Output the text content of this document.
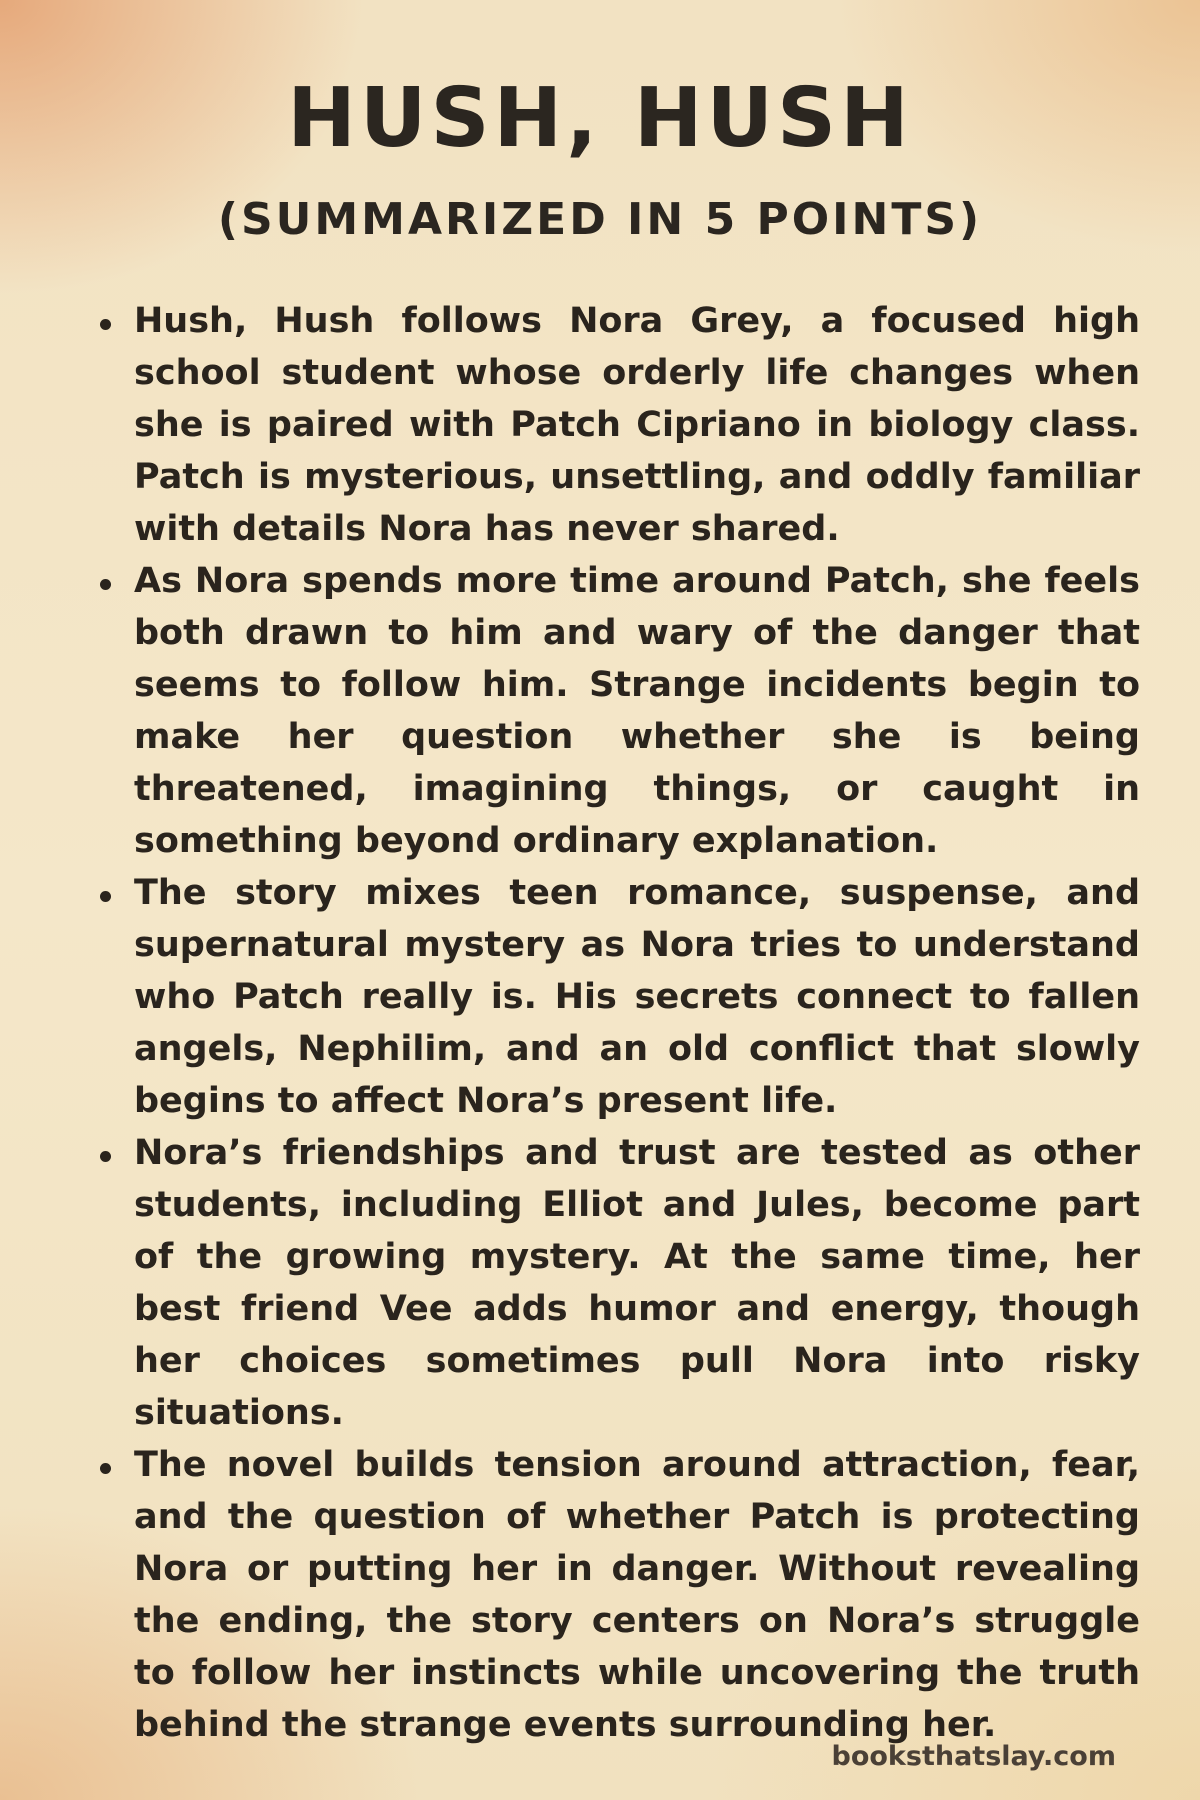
HUSH, HUSH
(SUMMARIZED IN 5 POINTS)
Hush, Hush follows Nora Grey, a focused high school student whose orderly life changes when she is paired with Patch Cipriano in biology class. Patch is mysterious, unsettling, and oddly familiar with details Nora has never shared.
As Nora spends more time around Patch, she feels both drawn to him and wary of the danger that seems to follow him. Strange incidents begin to make her question whether she is being threatened, imagining things, or caught in something beyond ordinary explanation.
The story mixes teen romance, suspense, and supernatural mystery as Nora tries to understand who Patch really is. His secrets connect to fallen angels, Nephilim, and an old conflict that slowly begins to affect Nora’s present life.
Nora’s friendships and trust are tested as other students, including Elliot and Jules, become part of the growing mystery. At the same time, her best friend Vee adds humor and energy, though her choices sometimes pull Nora into risky situations.
The novel builds tension around attraction, fear, and the question of whether Patch is protecting Nora or putting her in danger. Without revealing the ending, the story centers on Nora’s struggle to follow her instincts while uncovering the truth behind the strange events surrounding her.
booksthatslay.com
